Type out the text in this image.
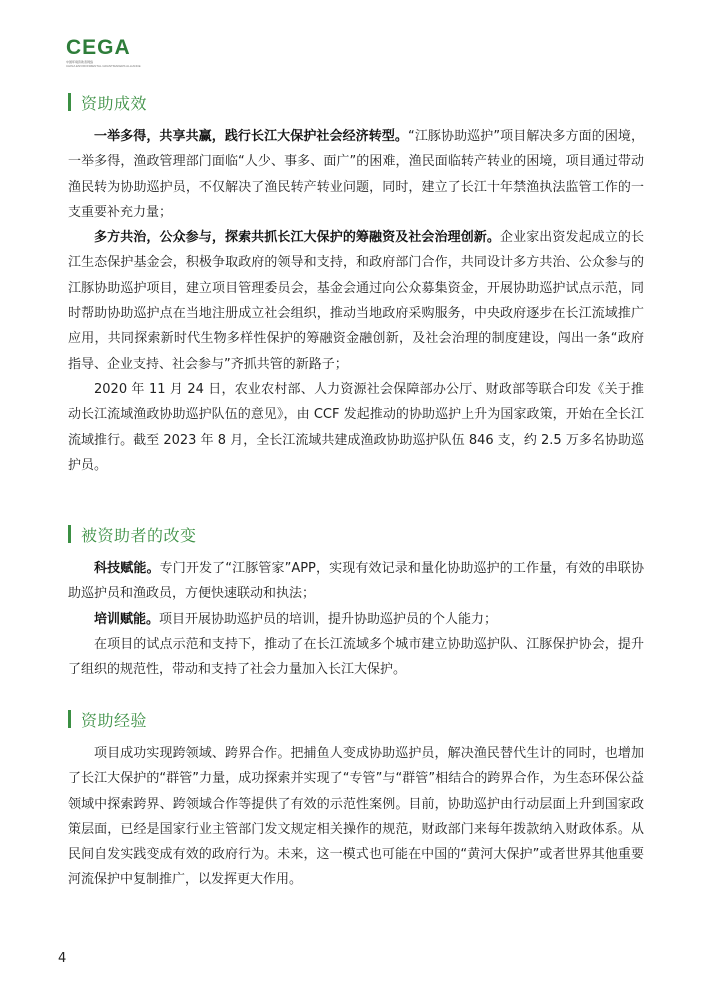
CEGA
中国环境资助者网络
CHINA ENVIRONMENTAL GRANTMAKERS ALLIANCE
资助成效

一举多得，共享共赢，践行长江大保护社会经济转型。“江豚协助巡护”项目解决多方面的困境，一举多得，渔政管理部门面临“人少、事多、面广”的困难，渔民面临转产转业的困境，项目通过带动渔民转为协助巡护员，不仅解决了渔民转产转业问题，同时，建立了长江十年禁渔执法监管工作的一支重要补充力量；

多方共治，公众参与，探索共抓长江大保护的筹融资及社会治理创新。企业家出资发起成立的长江生态保护基金会，积极争取政府的领导和支持，和政府部门合作，共同设计多方共治、公众参与的江豚协助巡护项目，建立项目管理委员会，基金会通过向公众募集资金，开展协助巡护试点示范，同时帮助协助巡护点在当地注册成立社会组织，推动当地政府采购服务，中央政府逐步在长江流域推广应用，共同探索新时代生物多样性保护的筹融资金融创新，及社会治理的制度建设，闯出一条“政府指导、企业支持、社会参与”齐抓共管的新路子；

2020 年 11 月 24 日，农业农村部、人力资源社会保障部办公厅、财政部等联合印发《关于推动长江流域渔政协助巡护队伍的意见》，由 CCF 发起推动的协助巡护上升为国家政策，开始在全长江流域推行。截至 2023 年 8 月，全长江流域共建成渔政协助巡护队伍 846 支，约 2.5 万多名协助巡护员。

被资助者的改变

科技赋能。专门开发了“江豚管家”APP，实现有效记录和量化协助巡护的工作量，有效的串联协助巡护员和渔政员，方便快速联动和执法；

培训赋能。项目开展协助巡护员的培训，提升协助巡护员的个人能力；

在项目的试点示范和支持下，推动了在长江流域多个城市建立协助巡护队、江豚保护协会，提升了组织的规范性，带动和支持了社会力量加入长江大保护。

资助经验

项目成功实现跨领域、跨界合作。把捕鱼人变成协助巡护员，解决渔民替代生计的同时，也增加了长江大保护的“群管”力量，成功探索并实现了“专管”与“群管”相结合的跨界合作，为生态环保公益领域中探索跨界、跨领域合作等提供了有效的示范性案例。目前，协助巡护由行动层面上升到国家政策层面，已经是国家行业主管部门发文规定相关操作的规范，财政部门来每年拨款纳入财政体系。从民间自发实践变成有效的政府行为。未来，这一模式也可能在中国的“黄河大保护”或者世界其他重要河流保护中复制推广，以发挥更大作用。

4
